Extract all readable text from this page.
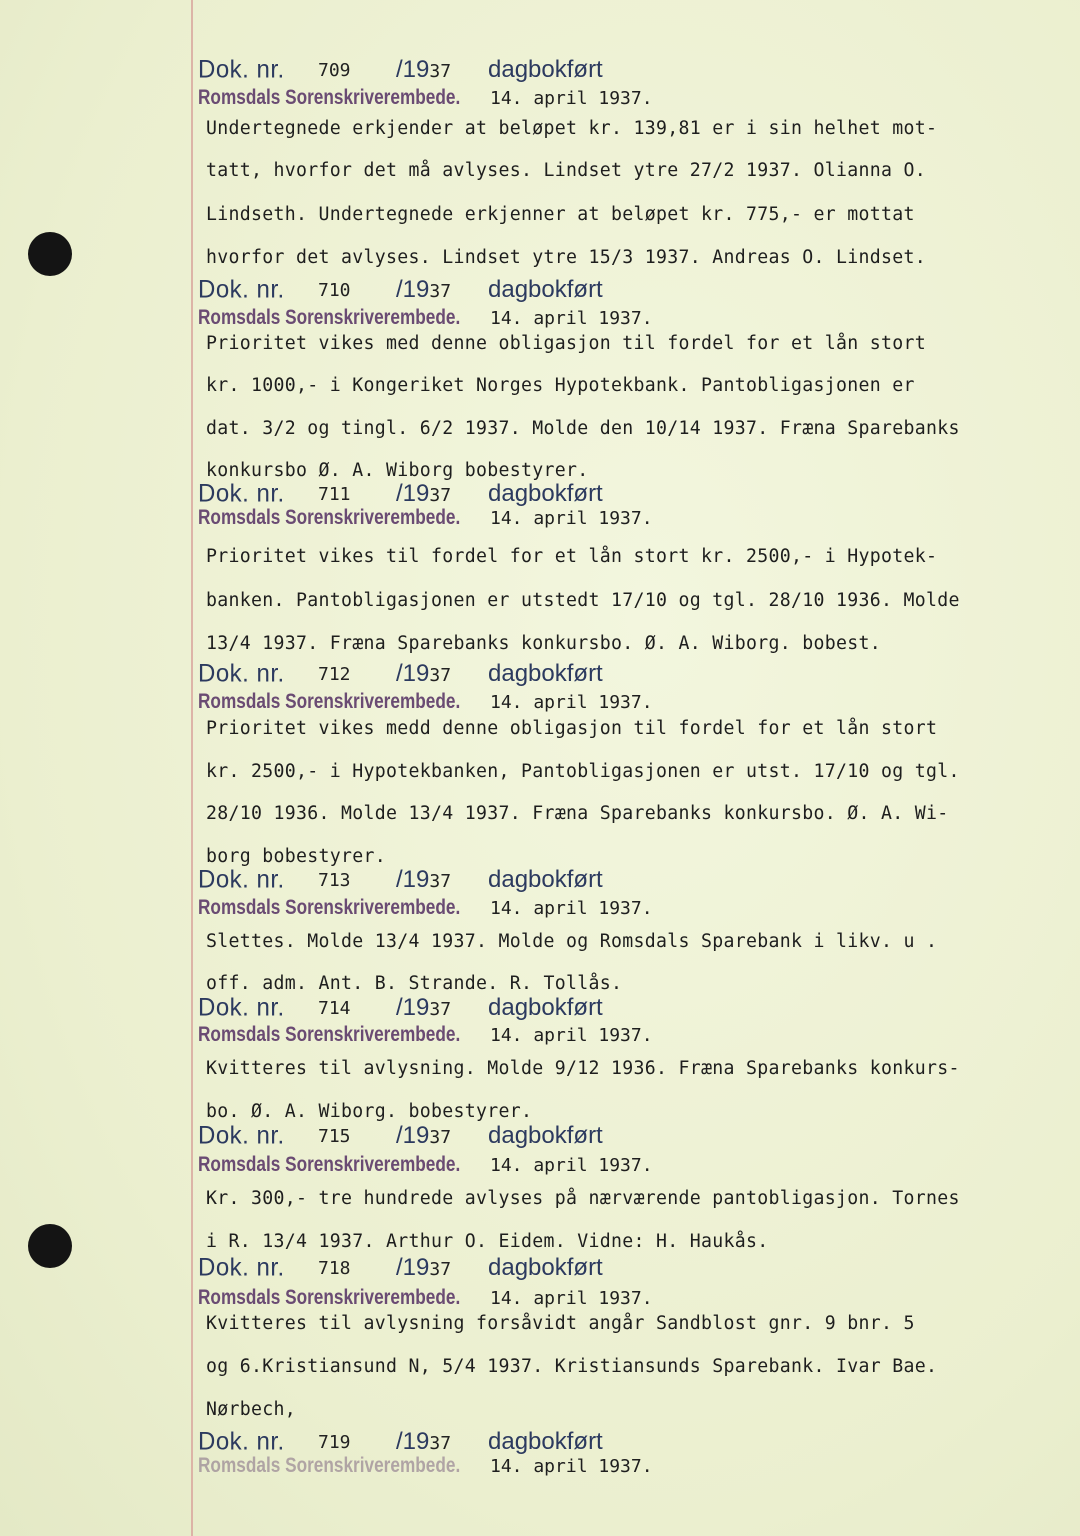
Dok. nr. 709 /1937 dagbokført
Romsdals Sorenskriverembede. 14. april 1937.
Undertegnede erkjender at beløpet kr. 139,81 er i sin helhet mot-
tatt, hvorfor det må avlyses. Lindset ytre 27/2 1937. Olianna O.
Lindseth. Undertegnede erkjenner at beløpet kr. 775,- er mottat
hvorfor det avlyses. Lindset ytre 15/3 1937. Andreas O. Lindset.
Dok. nr. 710 /1937 dagbokført
Romsdals Sorenskriverembede. 14. april 1937.
Prioritet vikes med denne obligasjon til fordel for et lån stort
kr. 1000,- i Kongeriket Norges Hypotekbank. Pantobligasjonen er
dat. 3/2 og tingl. 6/2 1937. Molde den 10/14 1937. Fræna Sparebanks
konkursbo Ø. A. Wiborg bobestyrer.
Dok. nr. 711 /1937 dagbokført
Romsdals Sorenskriverembede. 14. april 1937.
Prioritet vikes til fordel for et lån stort kr. 2500,- i Hypotek-
banken. Pantobligasjonen er utstedt 17/10 og tgl. 28/10 1936. Molde
13/4 1937. Fræna Sparebanks konkursbo. Ø. A. Wiborg. bobest.
Dok. nr. 712 /1937 dagbokført
Romsdals Sorenskriverembede. 14. april 1937.
Prioritet vikes medd denne obligasjon til fordel for et lån stort
kr. 2500,- i Hypotekbanken, Pantobligasjonen er utst. 17/10 og tgl.
28/10 1936. Molde 13/4 1937. Fræna Sparebanks konkursbo. Ø. A. Wi-
borg bobestyrer.
Dok. nr. 713 /1937 dagbokført
Romsdals Sorenskriverembede. 14. april 1937.
Slettes. Molde 13/4 1937. Molde og Romsdals Sparebank i likv. u .
off. adm. Ant. B. Strande. R. Tollås.
Dok. nr. 714 /1937 dagbokført
Romsdals Sorenskriverembede. 14. april 1937.
Kvitteres til avlysning. Molde 9/12 1936. Fræna Sparebanks konkurs-
bo. Ø. A. Wiborg. bobestyrer.
Dok. nr. 715 /1937 dagbokført
Romsdals Sorenskriverembede. 14. april 1937.
Kr. 300,- tre hundrede avlyses på nærværende pantobligasjon. Tornes
i R. 13/4 1937. Arthur O. Eidem. Vidne: H. Haukås.
Dok. nr. 718 /1937 dagbokført
Romsdals Sorenskriverembede. 14. april 1937.
Kvitteres til avlysning forsåvidt angår Sandblost gnr. 9 bnr. 5
og 6.Kristiansund N, 5/4 1937. Kristiansunds Sparebank. Ivar Bae.
Nørbech,
Dok. nr. 719 /1937 dagbokført
Romsdals Sorenskriverembede. 14. april 1937.
